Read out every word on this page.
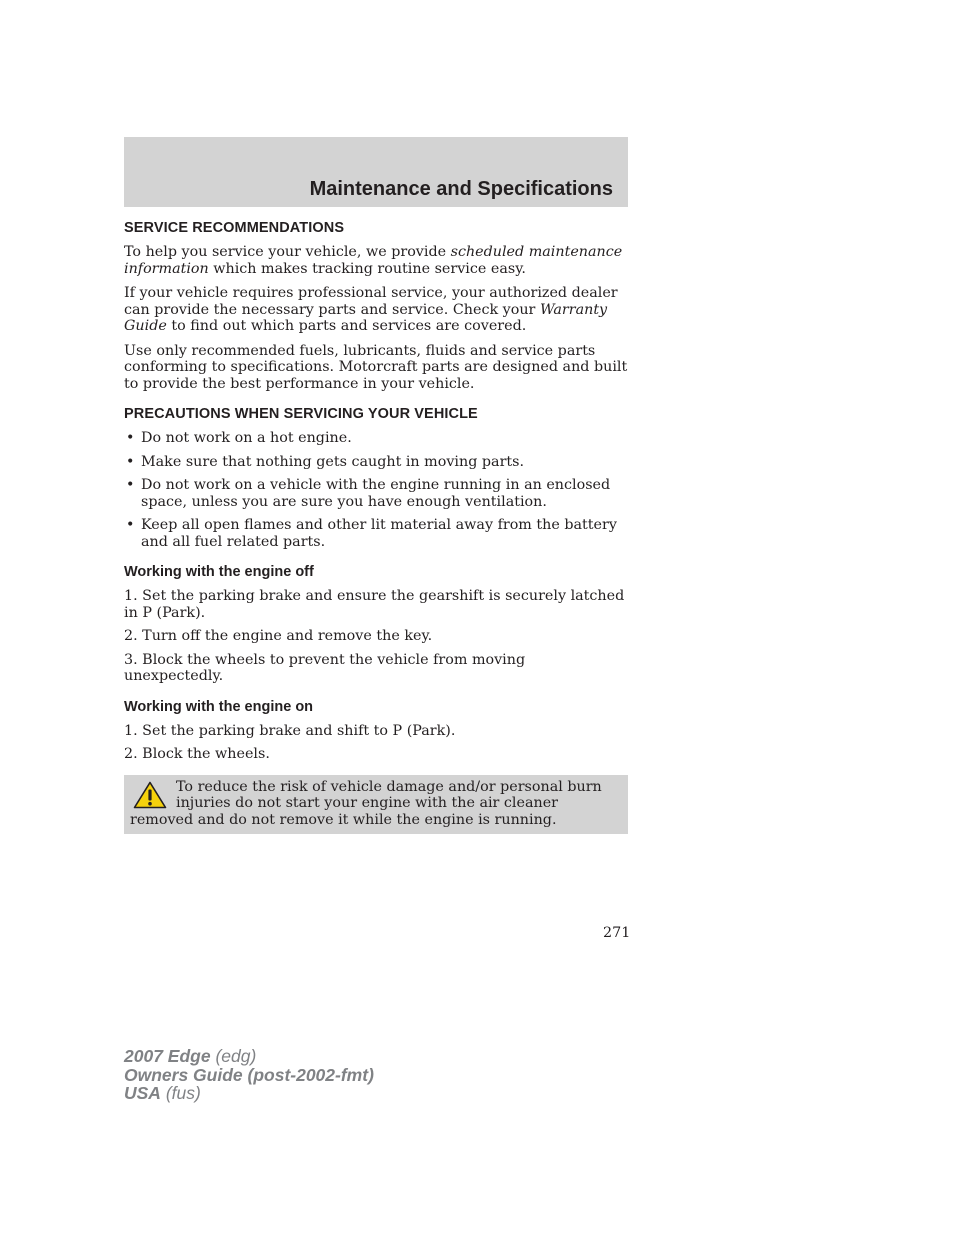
Maintenance and Specifications
SERVICE RECOMMENDATIONS

To help you service your vehicle, we provide scheduled maintenance information which makes tracking routine service easy.

If your vehicle requires professional service, your authorized dealer can provide the necessary parts and service. Check your Warranty Guide to find out which parts and services are covered.

Use only recommended fuels, lubricants, fluids and service parts conforming to specifications. Motorcraft parts are designed and built to provide the best performance in your vehicle.

PRECAUTIONS WHEN SERVICING YOUR VEHICLE
• Do not work on a hot engine.
• Make sure that nothing gets caught in moving parts.
• Do not work on a vehicle with the engine running in an enclosed space, unless you are sure you have enough ventilation.
• Keep all open flames and other lit material away from the battery and all fuel related parts.
Working with the engine off
1. Set the parking brake and ensure the gearshift is securely latched in P (Park).
2. Turn off the engine and remove the key.
3. Block the wheels to prevent the vehicle from moving unexpectedly.
Working with the engine on
1. Set the parking brake and shift to P (Park).
2. Block the wheels.
To reduce the risk of vehicle damage and/or personal burn injuries do not start your engine with the air cleaner removed and do not remove it while the engine is running.
271
2007 Edge (edg)
Owners Guide (post-2002-fmt)
USA (fus)
